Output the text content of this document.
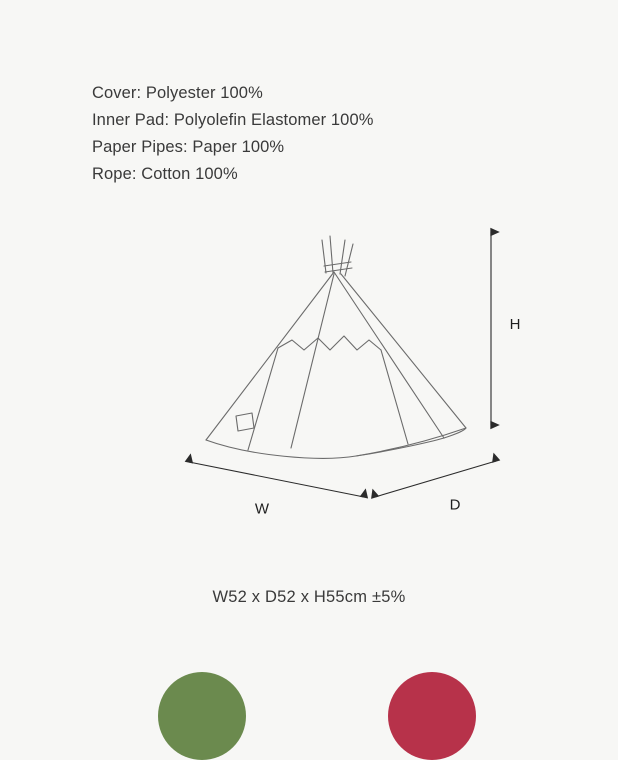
Cover: Polyester 100%
Inner Pad: Polyolefin Elastomer 100%
Paper Pipes: Paper 100%
Rope: Cotton 100%
H
W	D
W52 x D52 x H55cm ±5%
